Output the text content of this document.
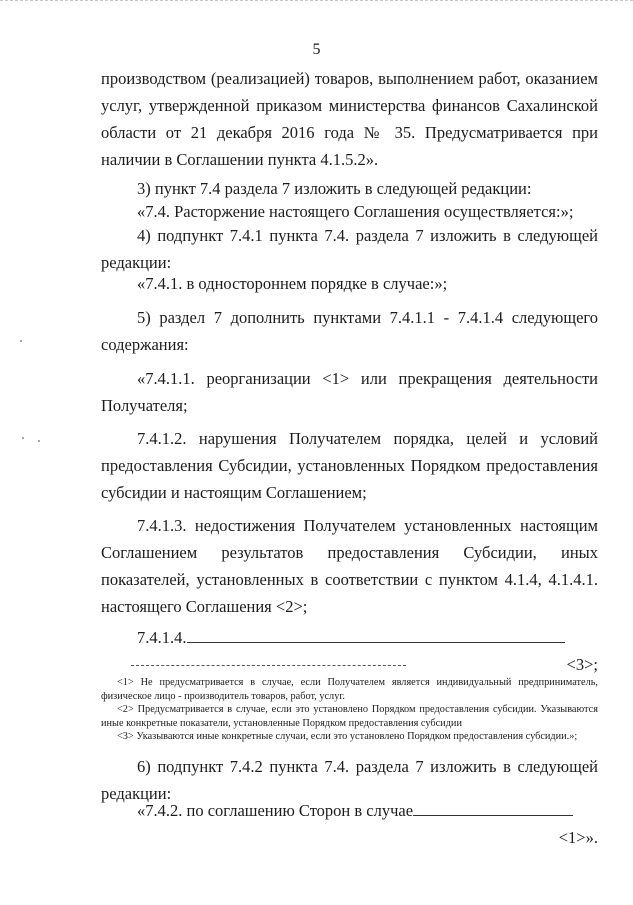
5
производством (реализацией) товаров, выполнением работ, оказанием услуг, утвержденной приказом министерства финансов Сахалинской области от 21 декабря 2016 года № 35. Предусматривается при наличии в Соглашении пункта 4.1.5.2».
3) пункт 7.4 раздела 7 изложить в следующей редакции:
«7.4. Расторжение настоящего Соглашения осуществляется:»;
4) подпункт 7.4.1 пункта 7.4. раздела 7 изложить в следующей редакции:
«7.4.1. в одностороннем порядке в случае:»;
5) раздел 7 дополнить пунктами 7.4.1.1 - 7.4.1.4 следующего содержания:
«7.4.1.1. реорганизации <1> или прекращения деятельности Получателя;
7.4.1.2. нарушения Получателем порядка, целей и условий предоставления Субсидии, установленных Порядком предоставления субсидии и настоящим Соглашением;
7.4.1.3. недостижения Получателем установленных настоящим Соглашением результатов предоставления Субсидии, иных показателей, установленных в соответствии с пунктом 4.1.4, 4.1.4.1. настоящего Соглашения <2>;
7.4.1.4.
<3>;

<1> Не предусматривается в случае, если Получателем является индивидуальный предприниматель, физическое лицо - производитель товаров, работ, услуг.

<2> Предусматривается в случае, если это установлено Порядком предоставления субсидии. Указываются иные конкретные показатели, установленные Порядком предоставления субсидии

<3> Указываются иные конкретные случаи, если это установлено Порядком предоставления субсидии.»;

6) подпункт 7.4.2 пункта 7.4. раздела 7 изложить в следующей редакции:
«7.4.2. по соглашению Сторон в случае
<1>».
